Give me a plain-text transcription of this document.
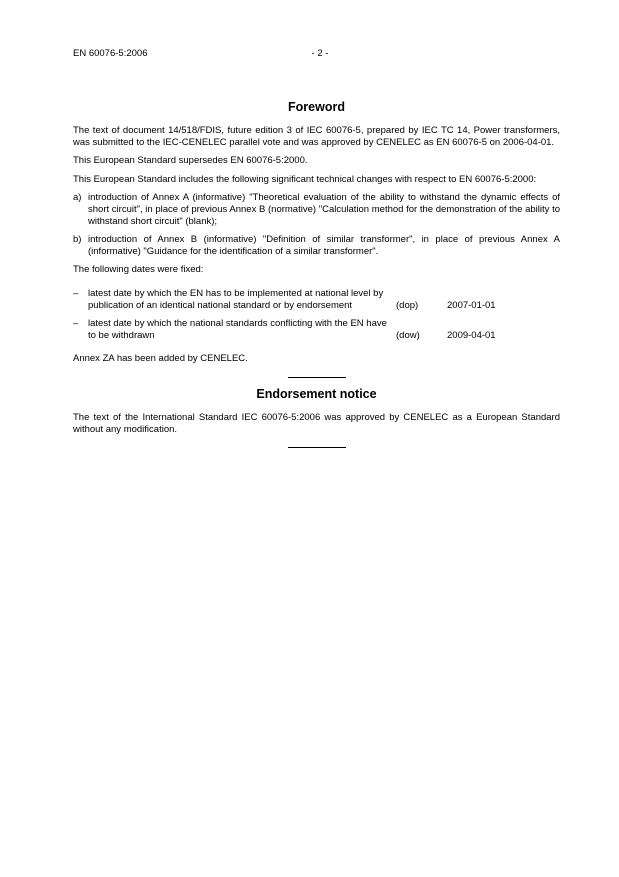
EN 60076-5:2006	- 2 -
Foreword

The text of document 14/518/FDIS, future edition 3 of IEC 60076-5, prepared by IEC TC 14, Power transformers, was submitted to the IEC-CENELEC parallel vote and was approved by CENELEC as EN 60076-5 on 2006-04-01.

This European Standard supersedes EN 60076-5:2000.

This European Standard includes the following significant technical changes with respect to EN 60076-5:2000:

a) introduction of Annex A (informative) "Theoretical evaluation of the ability to withstand the dynamic effects of short circuit", in place of previous Annex B (normative) "Calculation method for the demonstration of the ability to withstand short circuit" (blank);
b) introduction of Annex B (informative) "Definition of similar transformer", in place of previous Annex A (informative) "Guidance for the identification of a similar transformer".

The following dates were fixed:

–	latest date by which the EN has to be implemented at national level by publication of an identical national standard or by endorsement	(dop)	2007-01-01
–	latest date by which the national standards conflicting with the EN have to be withdrawn	(dow)	2009-04-01

Annex ZA has been added by CENELEC.

Endorsement notice

The text of the International Standard IEC 60076-5:2006 was approved by CENELEC as a European Standard without any modification.
